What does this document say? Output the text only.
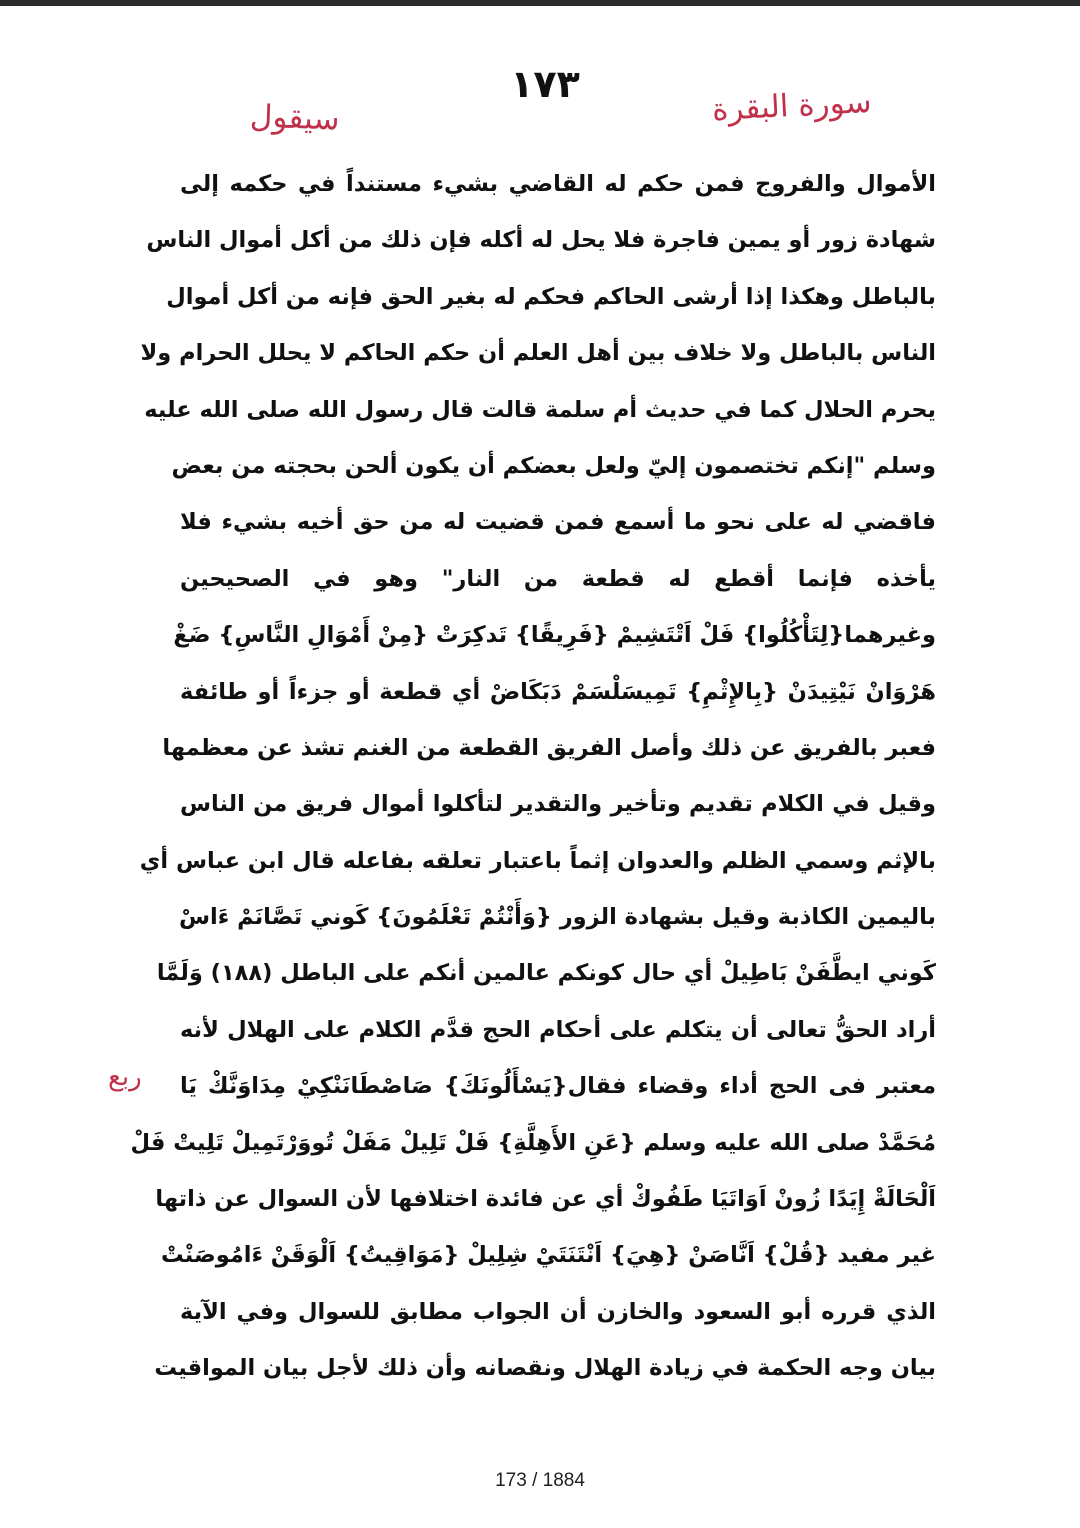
١٧٣	سورة البقرة
سيقول
ربع
الأموال والفروج فمن حكم له القاضي بشيء مستنداً في حكمه إلى
شهادة زور أو يمين فاجرة فلا يحل له أكله فإن ذلك من أكل أموال الناس
بالباطل وهكذا إذا أرشى الحاكم فحكم له بغير الحق فإنه من أكل أموال
الناس بالباطل ولا خلاف بين أهل العلم أن حكم الحاكم لا يحلل الحرام ولا
يحرم الحلال كما في حديث أم سلمة قالت قال رسول الله صلى الله عليه
وسلم "إنكم تختصمون إليّ ولعل بعضكم أن يكون ألحن بحجته من بعض
فاقضي له على نحو ما أسمع فمن قضيت له من حق أخيه بشيء فلا
يأخذه فإنما أقطع له قطعة من النار" وهو في الصحيحين
وغيرهما{لِتَأْكُلُوا} فَلْ اَتْتَشِيمْ {فَرِيقًا} تَدكِرَتْ {مِنْ أَمْوَالِ النَّاسِ} ضَغْ
هَرْوَانْ نَيْتِيدَنْ {بِالإِثْمِ} تَمِيسَلْسَمْ دَبَكَاضْ أي قطعة أو جزءاً أو طائفة
فعبر بالفريق عن ذلك وأصل الفريق القطعة من الغنم تشذ عن معظمها
وقيل في الكلام تقديم وتأخير والتقدير لتأكلوا أموال فريق من الناس
بالإثم وسمي الظلم والعدوان إثماً باعتبار تعلقه بفاعله قال ابن عباس أي
باليمين الكاذبة وقيل بشهادة الزور {وَأَنْتُمْ تَعْلَمُونَ} كَوني تَصَّانَمْ ءَاسْ
كَوني ايطَّفَنْ بَاطِيلْ أي حال كونكم عالمين أنكم على الباطل (١٨٨) وَلَمَّا
أراد الحقُّ تعالى أن يتكلم على أحكام الحج قدَّم الكلام على الهلال لأنه
معتبر فى الحج أداء وقضاء فقال{يَسْأَلُونَكَ} صَاصْطَانَنْكِيْ مِدَاوَنَّكْ يَا
مُحَمَّدْ صلى الله عليه وسلم {عَنِ الأَهِلَّةِ} فَلْ تَلِيلْ مَفَلْ تُووَرْتَمِيلْ تَلِيتْ فَلْ
اَلْحَالَةْ إِيَدًا زُونْ اَوَاتَيَا طَفُوكْ أي عن فائدة اختلافها لأن السوال عن ذاتها
غير مفيد {قُلْ} اَنَّاصَنْ {هِيَ} اَنْتَنَتَيْ شِلِيلْ {مَوَاقِيتُ} اَلْوَقَنْ ءَامُوصَنْتْ
الذي قرره أبو السعود والخازن أن الجواب مطابق للسوال وفي الآية
بيان وجه الحكمة في زيادة الهلال ونقصانه وأن ذلك لأجل بيان المواقيت
173 / 1884
